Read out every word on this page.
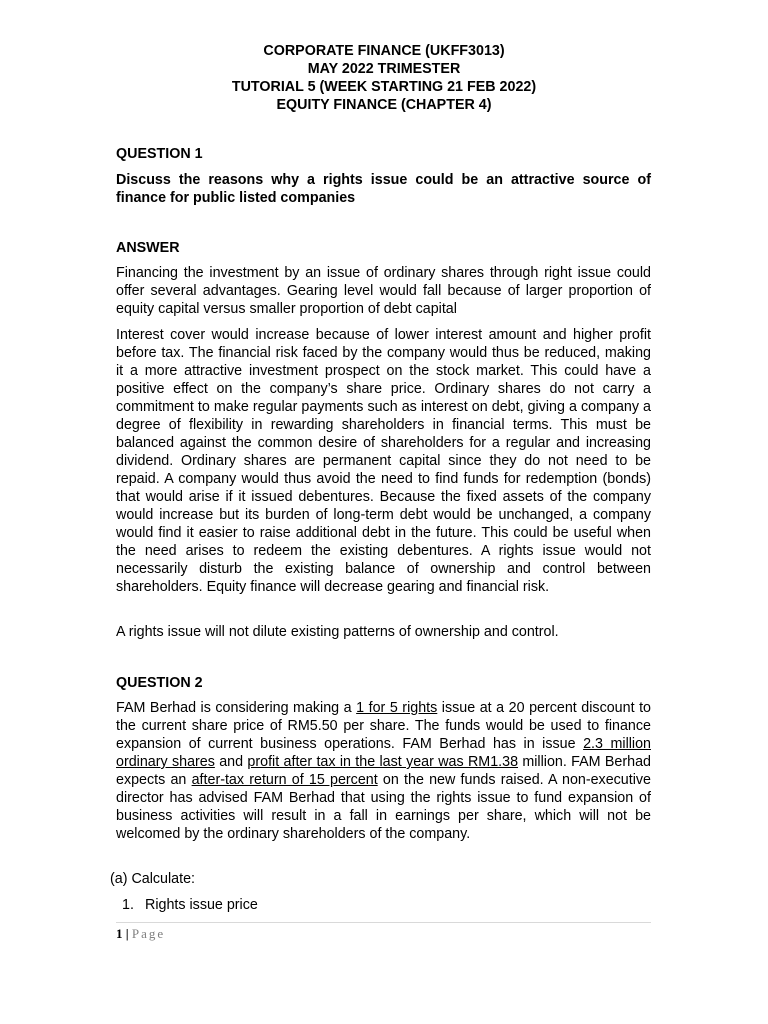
CORPORATE FINANCE (UKFF3013)
MAY 2022 TRIMESTER
TUTORIAL 5 (WEEK STARTING 21 FEB 2022)
EQUITY FINANCE (CHAPTER 4)
QUESTION 1
Discuss the reasons why a rights issue could be an attractive source of finance for public listed companies
ANSWER
Financing the investment by an issue of ordinary shares through right issue could offer several advantages. Gearing level would fall because of larger proportion of equity capital versus smaller proportion of debt capital
Interest cover would increase because of lower interest amount and higher profit before tax. The financial risk faced by the company would thus be reduced, making it a more attractive investment prospect on the stock market. This could have a positive effect on the company’s share price. Ordinary shares do not carry a commitment to make regular payments such as interest on debt, giving a company a degree of flexibility in rewarding shareholders in financial terms. This must be balanced against the common desire of shareholders for a regular and increasing dividend. Ordinary shares are permanent capital since they do not need to be repaid. A company would thus avoid the need to find funds for redemption (bonds) that would arise if it issued debentures. Because the fixed assets of the company would increase but its burden of long-term debt would be unchanged, a company would find it easier to raise additional debt in the future. This could be useful when the need arises to redeem the existing debentures. A rights issue would not necessarily disturb the existing balance of ownership and control between shareholders. Equity finance will decrease gearing and financial risk.
A rights issue will not dilute existing patterns of ownership and control.
QUESTION 2
FAM Berhad is considering making a 1 for 5 rights issue at a 20 percent discount to the current share price of RM5.50 per share. The funds would be used to finance expansion of current business operations. FAM Berhad has in issue 2.3 million ordinary shares and profit after tax in the last year was RM1.38 million. FAM Berhad expects an after-tax return of 15 percent on the new funds raised. A non-executive director has advised FAM Berhad that using the rights issue to fund expansion of business activities will result in a fall in earnings per share, which will not be welcomed by the ordinary shareholders of the company.
(a) Calculate:
1. Rights issue price
1 | Page
